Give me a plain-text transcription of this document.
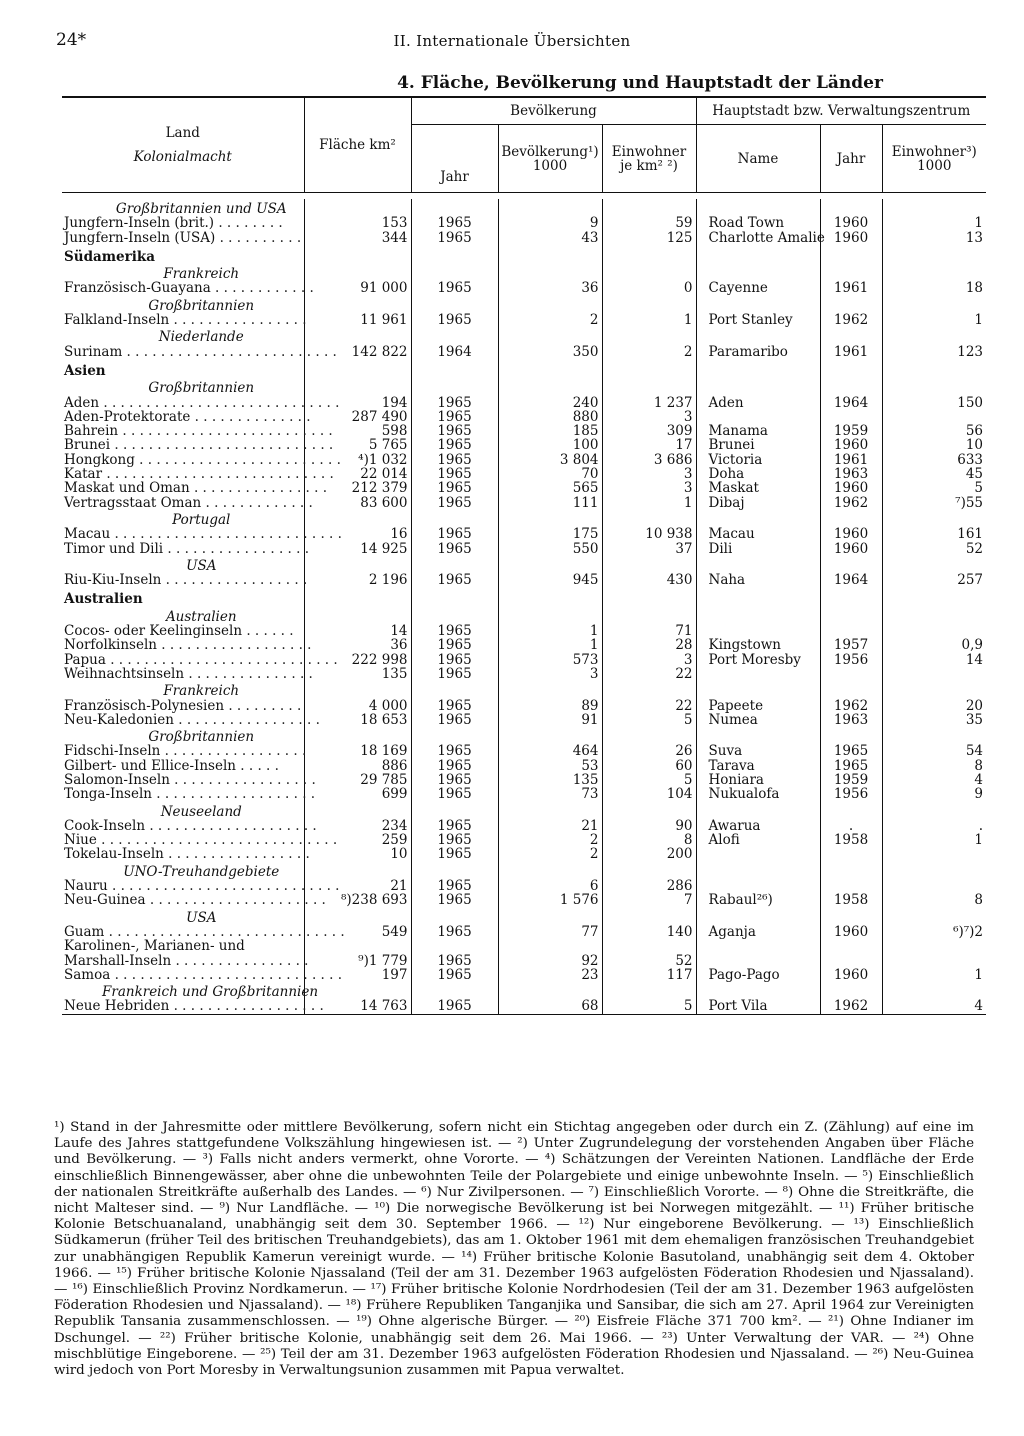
24*	II. Internationale Übersichten
4. Fläche, Bevölkerung und Hauptstadt der Länder
Land
Kolonialmacht	Fläche km²	Bevölkerung			Hauptstadt bzw. Verwaltungszentrum		
		Jahr	Bevölkerung¹) 1000	Einwohner je km² ²)	Name	Jahr	Einwohner³) 1000

Großbritannien und USA							
Jungfern-Inseln (brit.) . . . . . . . .	153	1965	9	59	Road Town	1960	1
Jungfern-Inseln (USA) . . . . . . . . . .	344	1965	43	125	Charlotte Amalie	1960	13
Südamerika							
Frankreich							
Französisch-Guayana . . . . . . . . . . . .	91 000	1965	36	0	Cayenne	1961	18
Großbritannien							
Falkland-Inseln . . . . . . . . . . . . . . . .	11 961	1965	2	1	Port Stanley	1962	1
Niederlande							
Surinam . . . . . . . . . . . . . . . . . . . . . . . . .	142 822	1964	350	2	Paramaribo	1961	123
Asien							
Großbritannien							
Aden . . . . . . . . . . . . . . . . . . . . . . . . . . . .	194	1965	240	1 237	Aden	1964	150
Aden-Protektorate . . . . . . . . . . . . . .	287 490	1965	880	3			
Bahrein . . . . . . . . . . . . . . . . . . . . . . . . .	598	1965	185	309	Manama	1959	56
Brunei . . . . . . . . . . . . . . . . . . . . . . . . . .	5 765	1965	100	17	Brunei	1960	10
Hongkong . . . . . . . . . . . . . . . . . . . . . . . .	⁴)1 032	1965	3 804	3 686	Victoria	1961	633
Katar . . . . . . . . . . . . . . . . . . . . . . . . . . .	22 014	1965	70	3	Doha	1963	45
Maskat und Oman . . . . . . . . . . . . . . . .	212 379	1965	565	3	Maskat	1960	5
Vertragsstaat Oman . . . . . . . . . . . . .	83 600	1965	111	1	Dibaj	1962	⁷)55
Portugal							
Macau . . . . . . . . . . . . . . . . . . . . . . . . . . .	16	1965	175	10 938	Macau	1960	161
Timor und Dili . . . . . . . . . . . . . . . . .	14 925	1965	550	37	Dili	1960	52
USA							
Riu-Kiu-Inseln . . . . . . . . . . . . . . . . .	2 196	1965	945	430	Naha	1964	257
Australien							
Australien							
Cocos- oder Keelinginseln . . . . . .	14	1965	1	71			
Norfolkinseln . . . . . . . . . . . . . . . . . .	36	1965	1	28	Kingstown	1957	0,9
Papua . . . . . . . . . . . . . . . . . . . . . . . . . . .	222 998	1965	573	3	Port Moresby	1956	14
Weihnachtsinseln . . . . . . . . . . . . . . .	135	1965	3	22			
Frankreich							
Französisch-Polynesien . . . . . . . . .	4 000	1965	89	22	Papeete	1962	20
Neu-Kaledonien . . . . . . . . . . . . . . . . .	18 653	1965	91	5	Numea	1963	35
Großbritannien							
Fidschi-Inseln . . . . . . . . . . . . . . . . .	18 169	1965	464	26	Suva	1965	54
Gilbert- und Ellice-Inseln . . . . .	886	1965	53	60	Tarava	1965	8
Salomon-Inseln . . . . . . . . . . . . . . . . .	29 785	1965	135	5	Honiara	1959	4
Tonga-Inseln . . . . . . . . . . . . . . . . . . .	699	1965	73	104	Nukualofa	1956	9
Neuseeland							
Cook-Inseln . . . . . . . . . . . . . . . . . . . .	234	1965	21	90	Awarua	.	.
Niue . . . . . . . . . . . . . . . . . . . . . . . . . . . .	259	1965	2	8	Alofi	1958	1
Tokelau-Inseln . . . . . . . . . . . . . . . . .	10	1965	2	200			
UNO-Treuhandgebiete							
Nauru . . . . . . . . . . . . . . . . . . . . . . . . . . .	21	1965	6	286			
Neu-Guinea . . . . . . . . . . . . . . . . . . . . .	⁸)238 693	1965	1 576	7	Rabaul²⁶)	1958	8
USA							
Guam . . . . . . . . . . . . . . . . . . . . . . . . . . . .	549	1965	77	140	Aganja	1960	⁶)⁷)2
Karolinen-, Marianen- und							
Marshall-Inseln . . . . . . . . . . . . . . . .	⁹)1 779	1965	92	52			
Samoa . . . . . . . . . . . . . . . . . . . . . . . . . . .	197	1965	23	117	Pago-Pago	1960	1
Frankreich und Großbritannien							
Neue Hebriden . . . . . . . . . . . . . . . . . .	14 763	1965	68	5	Port Vila	1962	4
¹) Stand in der Jahresmitte oder mittlere Bevölkerung, sofern nicht ein Stichtag angegeben oder durch ein Z. (Zählung) auf eine im Laufe des Jahres stattgefundene Volkszählung hingewiesen ist. — ²) Unter Zugrundelegung der vorstehenden Angaben über Fläche und Bevölkerung. — ³) Falls nicht anders vermerkt, ohne Vororte. — ⁴) Schätzungen der Vereinten Nationen. Landfläche der Erde einschließlich Binnengewässer, aber ohne die unbewohnten Teile der Polargebiete und einige unbewohnte Inseln. — ⁵) Einschließlich der nationalen Streitkräfte außerhalb des Landes. — ⁶) Nur Zivilpersonen. — ⁷) Einschließlich Vororte. — ⁸) Ohne die Streitkräfte, die nicht Malteser sind. — ⁹) Nur Landfläche. — ¹⁰) Die norwegische Bevölkerung ist bei Norwegen mitgezählt. — ¹¹) Früher britische Kolonie Betschuanaland, unabhängig seit dem 30. September 1966. — ¹²) Nur eingeborene Bevölkerung. — ¹³) Einschließlich Südkamerun (früher Teil des britischen Treuhandgebiets), das am 1. Oktober 1961 mit dem ehemaligen französischen Treuhandgebiet zur unabhängigen Republik Kamerun vereinigt wurde. — ¹⁴) Früher britische Kolonie Basutoland, unabhängig seit dem 4. Oktober 1966. — ¹⁵) Früher britische Kolonie Njassaland (Teil der am 31. Dezember 1963 aufgelösten Föderation Rhodesien und Njassaland). — ¹⁶) Einschließlich Provinz Nordkamerun. — ¹⁷) Früher britische Kolonie Nordrhodesien (Teil der am 31. Dezember 1963 aufgelösten Föderation Rhodesien und Njassaland). — ¹⁸) Frühere Republiken Tanganjika und Sansibar, die sich am 27. April 1964 zur Vereinigten Republik Tansania zusammenschlossen. — ¹⁹) Ohne algerische Bürger. — ²⁰) Eisfreie Fläche 371 700 km². — ²¹) Ohne Indianer im Dschungel. — ²²) Früher britische Kolonie, unabhängig seit dem 26. Mai 1966. — ²³) Unter Verwaltung der VAR. — ²⁴) Ohne mischblütige Eingeborene. — ²⁵) Teil der am 31. Dezember 1963 aufgelösten Föderation Rhodesien und Njassaland. — ²⁶) Neu-Guinea wird jedoch von Port Moresby in Verwaltungsunion zusammen mit Papua verwaltet.
